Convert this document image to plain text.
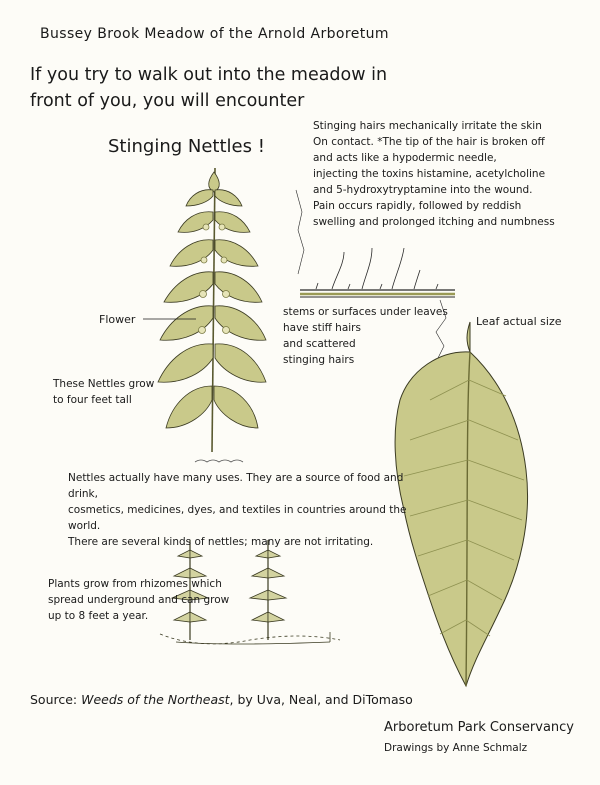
Bussey Brook Meadow of the Arnold Arboretum

If you try to walk out into the meadow in
front of you, you will encounter

Stinging Nettles !

Stinging hairs mechanically irritate the skin
On contact. *The tip of the hair is broken off
and acts like a hypodermic needle,
injecting the toxins histamine, acetylcholine
and 5-hydroxytryptamine into the wound.
Pain occurs rapidly, followed by reddish
swelling and prolonged itching and numbness

stems or surfaces under leaves
have stiff hairs
and scattered
stinging hairs

Leaf actual size

Flower

These Nettles grow
to four feet tall

Nettles actually have many uses. They are a source of food and drink,
cosmetics, medicines, dyes, and textiles in countries around the world.
There are several kinds of nettles; many are not irritating.

Plants grow from rhizomes which
spread underground and can grow
up to 8 feet a year.

Source: Weeds of the Northeast, by Uva, Neal, and DiTomaso

Arboretum Park Conservancy

Drawings by Anne Schmalz
